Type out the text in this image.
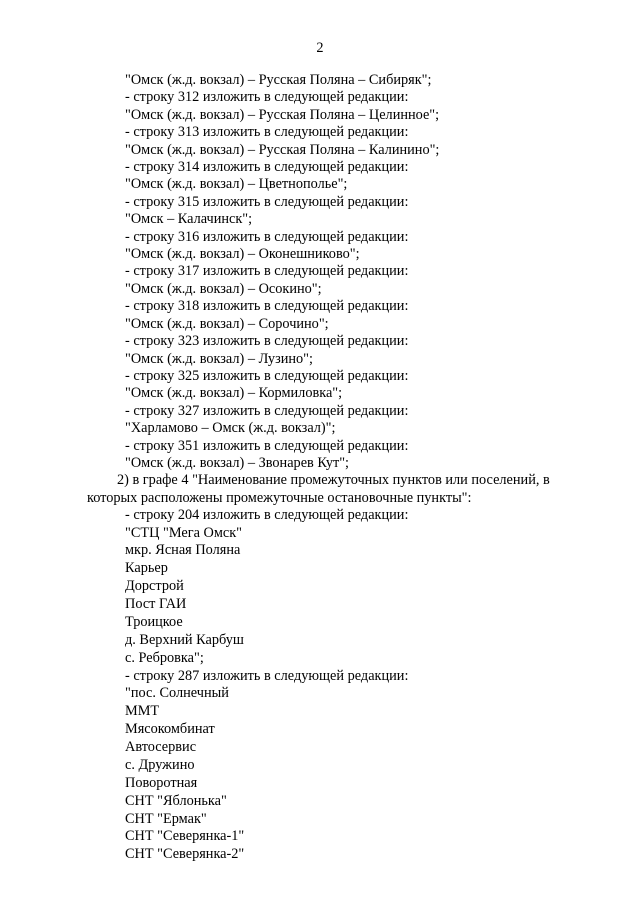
2
"Омск (ж.д. вокзал) – Русская Поляна – Сибиряк";
- строку 312 изложить в следующей редакции:
"Омск (ж.д. вокзал) – Русская Поляна – Целинное";
- строку 313 изложить в следующей редакции:
"Омск (ж.д. вокзал) – Русская Поляна – Калинино";
- строку 314 изложить в следующей редакции:
"Омск (ж.д. вокзал) – Цветнополье";
- строку 315 изложить в следующей редакции:
"Омск – Калачинск";
- строку 316 изложить в следующей редакции:
"Омск (ж.д. вокзал) – Оконешниково";
- строку 317 изложить в следующей редакции:
"Омск (ж.д. вокзал) – Осокино";
- строку 318 изложить в следующей редакции:
"Омск (ж.д. вокзал) – Сорочино";
- строку 323 изложить в следующей редакции:
"Омск (ж.д. вокзал) – Лузино";
- строку 325 изложить в следующей редакции:
"Омск (ж.д. вокзал) – Кормиловка";
- строку 327 изложить в следующей редакции:
"Харламово – Омск (ж.д. вокзал)";
- строку 351 изложить в следующей редакции:
"Омск (ж.д. вокзал) – Звонарев Кут";
2) в графе 4 "Наименование промежуточных пунктов или поселений, в
которых расположены промежуточные остановочные пункты":
- строку 204 изложить в следующей редакции:
"СТЦ "Мега Омск"
мкр. Ясная Поляна
Карьер
Дорстрой
Пост ГАИ
Троицкое
д. Верхний Карбуш
с. Ребровка";
- строку 287 изложить в следующей редакции:
"пос. Солнечный
ММТ
Мясокомбинат
Автосервис
с. Дружино
Поворотная
СНТ "Яблонька"
СНТ "Ермак"
СНТ "Северянка-1"
СНТ "Северянка-2"
